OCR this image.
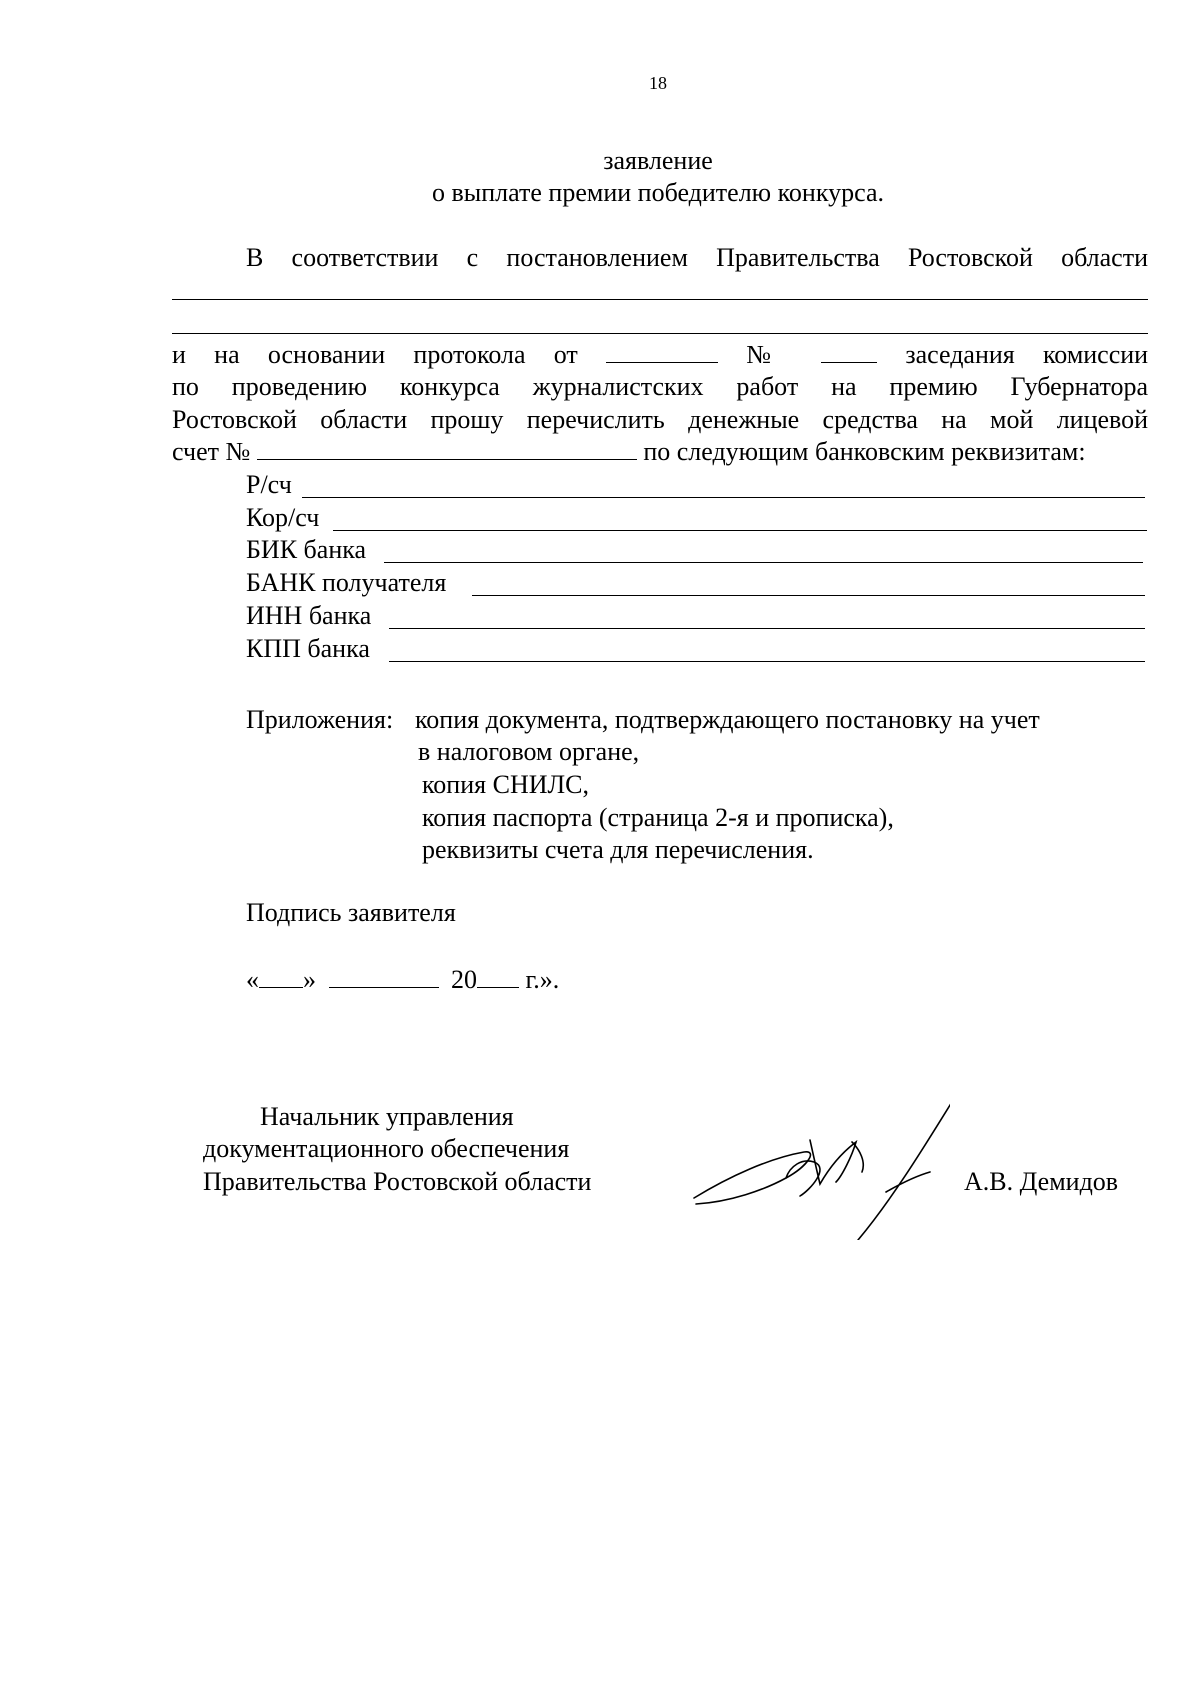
18
заявление
о выплате премии победителю конкурса.
В соответствии с постановлением Правительства Ростовской области
и на основании протокола от	№	заседания комиссии
по проведению конкурса журналистских работ на премию Губернатора
Ростовской области прошу перечислить денежные средства на мой лицевой
счет №	по следующим банковским реквизитам:
Р/сч
Кор/сч
БИК банка
БАНК получателя
ИНН банка
КПП банка
Приложения: копия документа, подтверждающего постановку на учет
в налоговом органе,
копия СНИЛС,
копия паспорта (страница 2-я и прописка),
реквизиты счета для перечисления.
Подпись заявителя
« »	20 г.».
Начальник управления
документационного обеспечения
Правительства Ростовской области	А.В. Демидов
